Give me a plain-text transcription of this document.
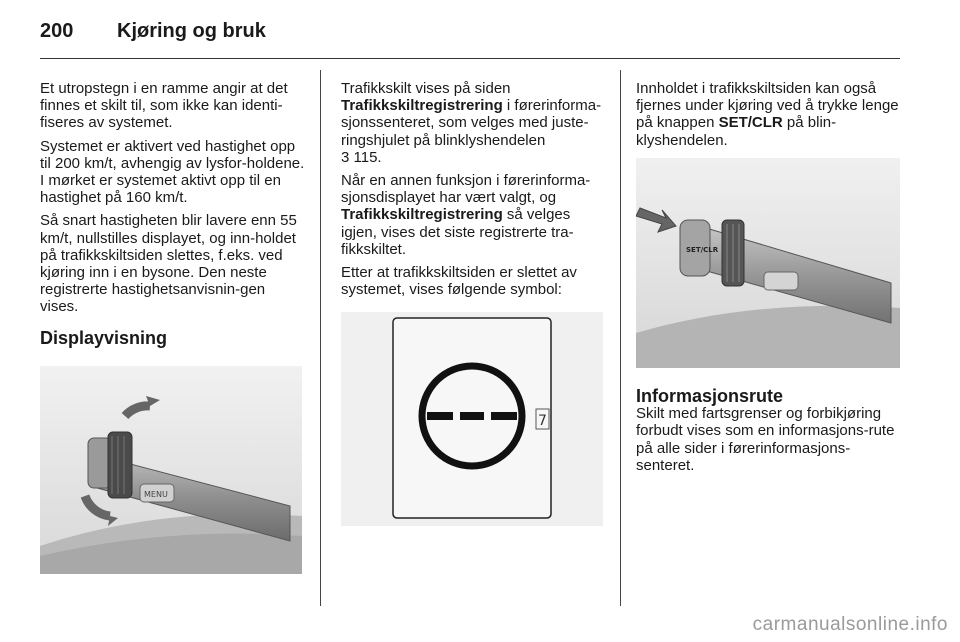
200 Kjøring og bruk

Et utropstegn i en ramme angir at det finnes et skilt til, som ikke kan identi-fiseres av systemet.

Systemet er aktivert ved hastighet opp til 200 km/t, avhengig av lysfor-holdene. I mørket er systemet aktivt opp til en hastighet på 160 km/t.

Så snart hastigheten blir lavere enn 55 km/t, nullstilles displayet, og inn-holdet på trafikkskiltsiden slettes, f.eks. ved kjøring inn i en bysone. Den neste registrerte hastighetsanvisnin-gen vises.

Displayvisning

MENU

Trafikkskilt vises på siden
Trafikkskiltregistrering i førerinforma-sjonssenteret, som velges med juste-ringshjulet på blinklyshendelen
3 115.

Når en annen funksjon i førerinforma-sjonsdisplayet har vært valgt, og Trafikkskiltregistrering så velges igjen, vises det siste registrerte tra-fikkskiltet.

Etter at trafikkskiltsiden er slettet av systemet, vises følgende symbol:

7

Innholdet i trafikkskiltsiden kan også fjernes under kjøring ved å trykke lenge på knappen SET/CLR på blin-klyshendelen.

SET/CLR

Informasjonsrute

Skilt med fartsgrenser og forbikjøring forbudt vises som en informasjons-rute på alle sider i førerinformasjons-senteret.

carmanualsonline.info
